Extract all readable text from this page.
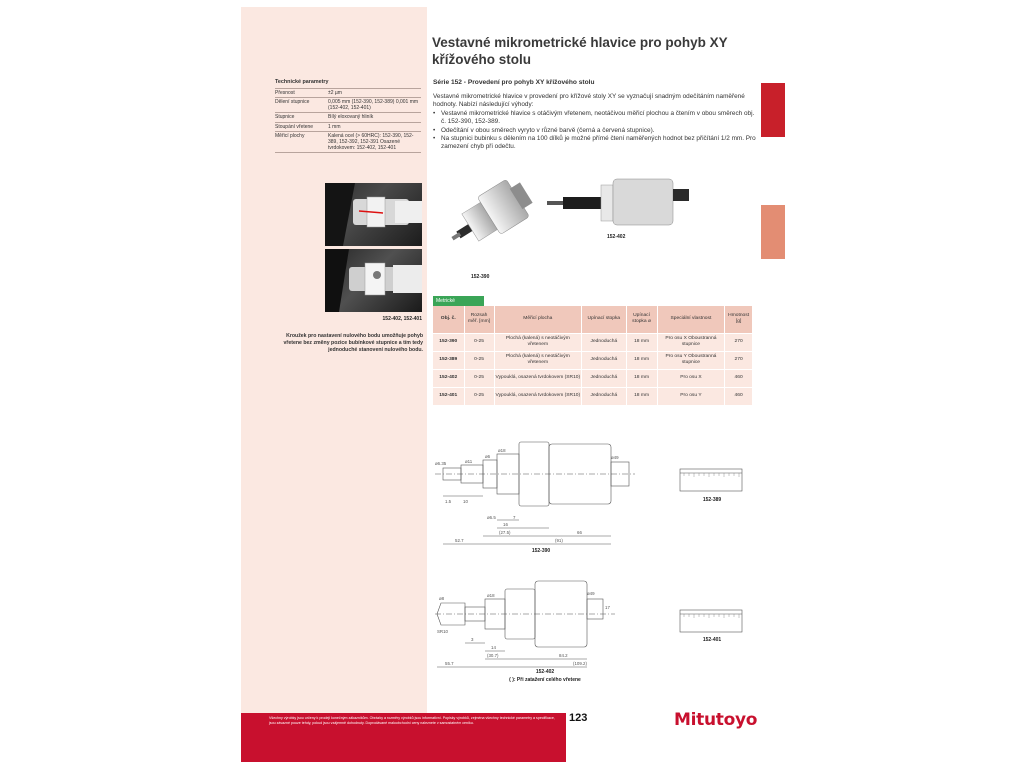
Technické parametry
Přesnost	±2 µm
Dělení stupnice	0,005 mm (152-390, 152-389) 0,001 mm (152-402, 152-401)
Stupnice	Bílý eloxovaný hliník
Stoupání vřetene	1 mm
Měřicí plochy	Kalená ocel (> 60HRC): 152-390, 152-389, 152-392, 152-391 Osazené tvrdokovem: 152-402, 152-401
152-402, 152-401
Kroužek pro nastavení nulového bodu umožňuje pohyb vřetene bez změny pozice bubínkové stupnice a tím tedy jednoduché stanovení nulového bodu.
Vestavné mikrometrické hlavice pro pohyb XY křížového stolu
Série 152 - Provedení pro pohyb XY křížového stolu
Vestavné mikrometrické hlavice v provedení pro křížové stoly XY se vyznačují snadným odečítáním naměřené hodnoty. Nabízí následující výhody:
• Vestavné mikrometrické hlavice s otáčivým vřetenem, neotáčivou měřicí plochou a čtením v obou směrech obj. č. 152-390, 152-389.
• Odečítání v obou směrech vyryto v různé barvě (černá a červená stupnice).
• Na stupnici bubinku s dělením na 100 dílků je možné přímé čtení naměřených hodnot bez přičítání 1/2 mm. Pro zamezení chyb při odečtu.
152-390
152-402
Metrické
Obj. č.	Rozsah měř. [mm]	Měřicí plocha	Upínací stopka	Upínací stopka ø	Speciální vlastnost	Hmotnost [g]
152-390	0-25	Plochá (kalená) s neotáčivým vřetenem	Jednoduchá	18 mm	Pro osu X Oboustranná stupnice	270
152-389	0-25	Plochá (kalená) s neotáčivým vřetenem	Jednoduchá	18 mm	Pro osu Y Oboustranná stupnice	270
152-402	0-25	Vypouklá, osazená tvrdokovem (SR10)	Jednoduchá	18 mm	Pro osu X	460
152-401	0-25	Vypouklá, osazená tvrdokovem (SR10)	Jednoduchá	18 mm	Pro osu Y	460
ø11
ø6
ø18
ø6.35
ø49
1.5	10
ø6.5	7
16
(27.5)
52.7
66
(91)
152-390
152-389
ø8
ø18	ø49
SR10
17
3
14
(30.7)	84.2
55.7	(109.2)
152-402
( ): Při zatažení celého vřetene
152-401
Všechny výrobky jsou určeny k prodeji konečným zákazníkům. Obrázky a rozměry výrobků jsou informativní. Popisky výrobků, zejména všechny technické parametry a specifikace, jsou závazné pouze tehdy, pokud jsou vzájemně dohodnuty. Doprodávané maloobchodní ceny naleznete v samostatném ceníku.	123	Mitutoyo
